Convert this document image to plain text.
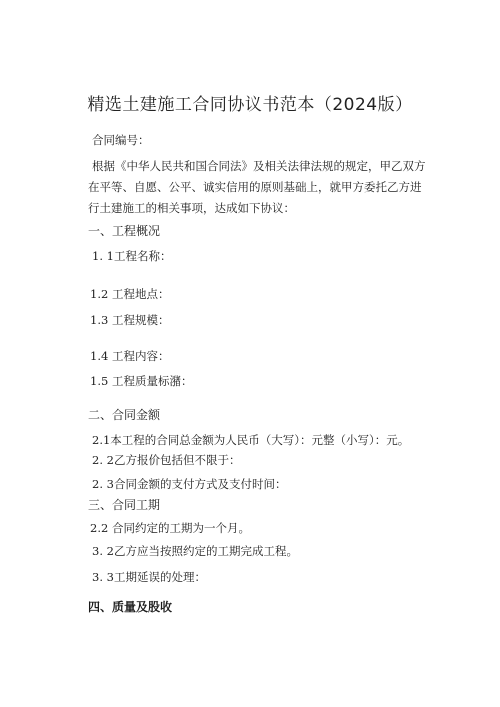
精选土建施工合同协议书范本（2024版）
合同编号：
根据《中华人民共和国合同法》及相关法律法规的规定，甲乙双方在平等、自愿、公平、诚实信用的原则基础上，就甲方委托乙方进行土建施工的相关事项，达成如下协议：
一、工程概况
1. 1工程名称：
1.2 工程地点：
1.3 工程规模：
1.4 工程内容：
1.5 工程质量标潴：
二、合同金额
2.1本工程的合同总金额为人民币（大写）：元整（小写）：元。
2. 2乙方报价包括但不限于：
2. 3合同金额的支付方式及支付时间：
三、合同工期
2.2 合同约定的工期为一个月。
3. 2乙方应当按照约定的工期完成工程。
3. 3工期延误的处理：
四、质量及股收
